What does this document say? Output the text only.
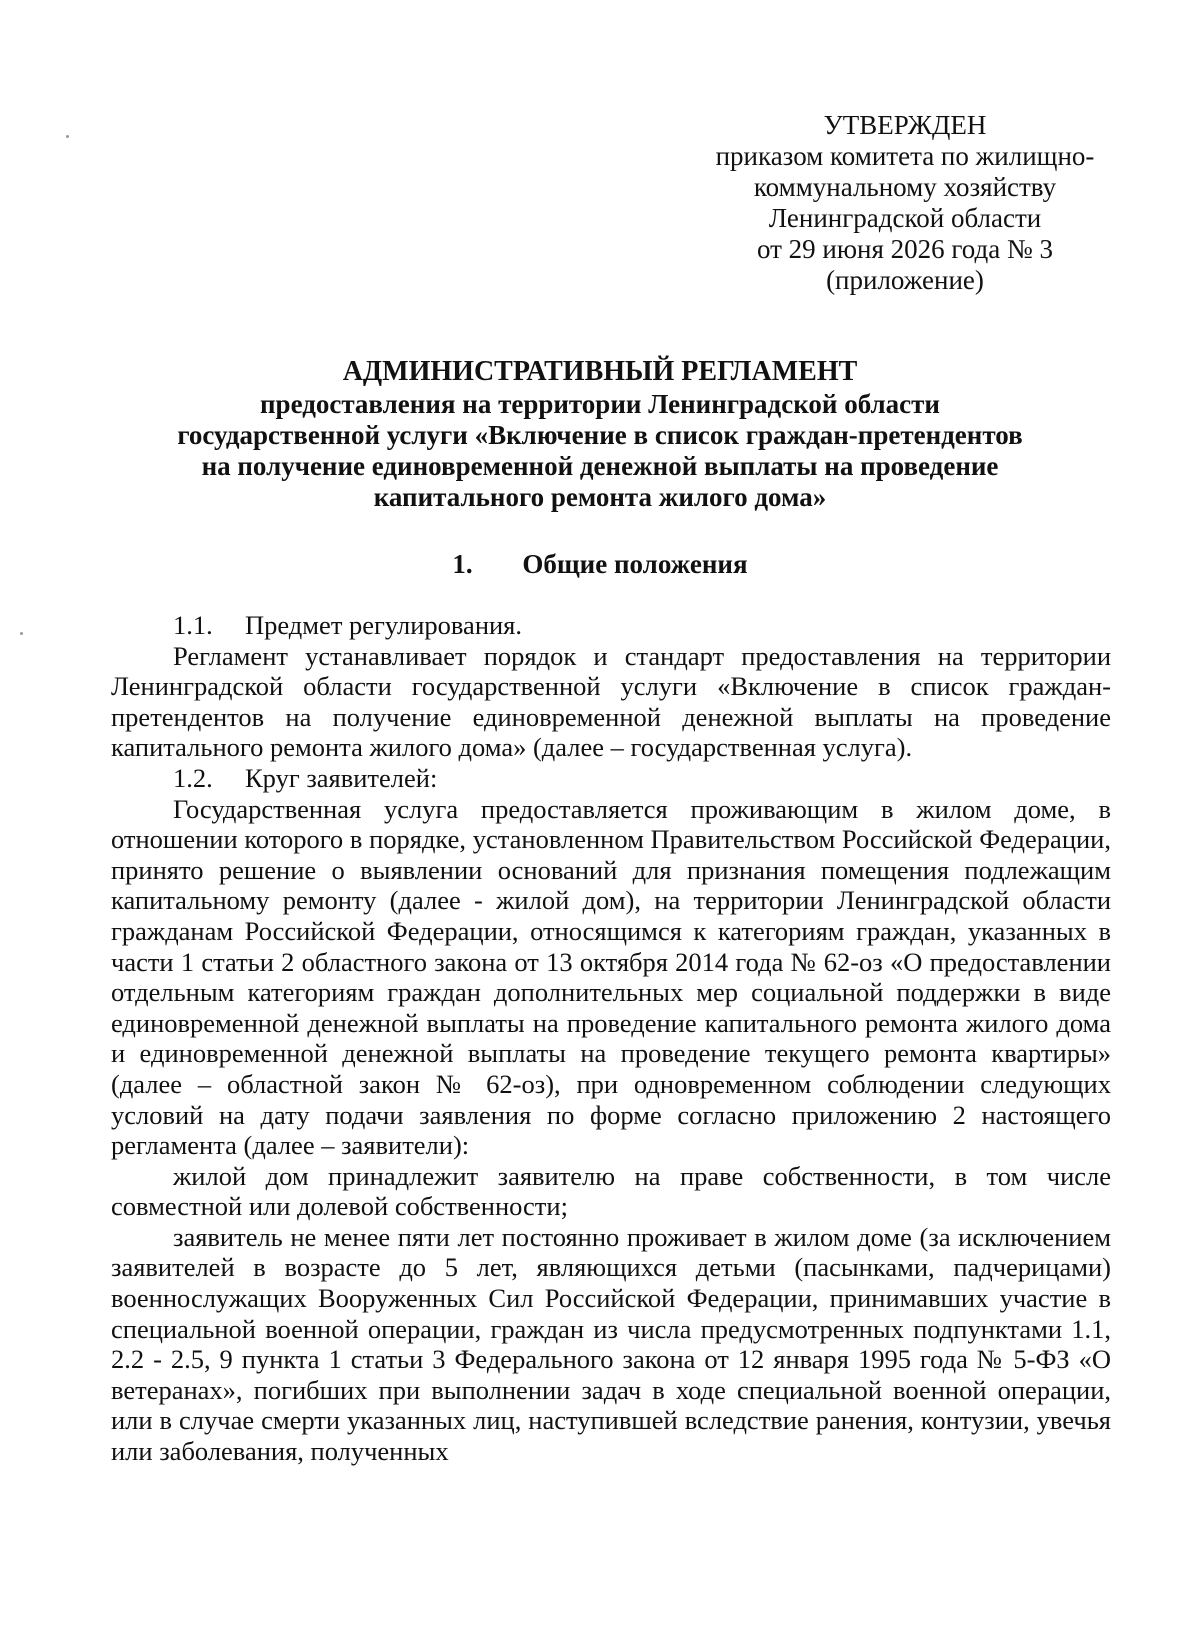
УТВЕРЖДЕН
приказом комитета по жилищно-
коммунальному хозяйству
Ленинградской области
от 29 июня 2026 года № 3
(приложение)
АДМИНИСТРАТИВНЫЙ РЕГЛАМЕНТ
предоставления на территории Ленинградской области
государственной услуги «Включение в список граждан-претендентов
на получение единовременной денежной выплаты на проведение
капитального ремонта жилого дома»
1. Общие положения

1.1. Предмет регулирования.

Регламент устанавливает порядок и стандарт предоставления на территории Ленинградской области государственной услуги «Включение в список граждан-претендентов на получение единовременной денежной выплаты на проведение капитального ремонта жилого дома» (далее – государственная услуга).

1.2. Круг заявителей:

Государственная услуга предоставляется проживающим в жилом доме, в отношении которого в порядке, установленном Правительством Российской Федерации, принято решение о выявлении оснований для признания помещения подлежащим капитальному ремонту (далее - жилой дом), на территории Ленинградской области гражданам Российской Федерации, относящимся к категориям граждан, указанных в части 1 статьи 2 областного закона от 13 октября 2014 года № 62-оз «О предоставлении отдельным категориям граждан дополнительных мер социальной поддержки в виде единовременной денежной выплаты на проведение капитального ремонта жилого дома и единовременной денежной выплаты на проведение текущего ремонта квартиры» (далее – областной закон № 62-оз), при одновременном соблюдении следующих условий на дату подачи заявления по форме согласно приложению 2 настоящего регламента (далее – заявители):

жилой дом принадлежит заявителю на праве собственности, в том числе совместной или долевой собственности;

заявитель не менее пяти лет постоянно проживает в жилом доме (за исключением заявителей в возрасте до 5 лет, являющихся детьми (пасынками, падчерицами) военнослужащих Вооруженных Сил Российской Федерации, принимавших участие в специальной военной операции, граждан из числа предусмотренных подпунктами 1.1, 2.2 - 2.5, 9 пункта 1 статьи 3 Федерального закона от 12 января 1995 года № 5-ФЗ «О ветеранах», погибших при выполнении задач в ходе специальной военной операции, или в случае смерти указанных лиц, наступившей вследствие ранения, контузии, увечья или заболевания, полученных
